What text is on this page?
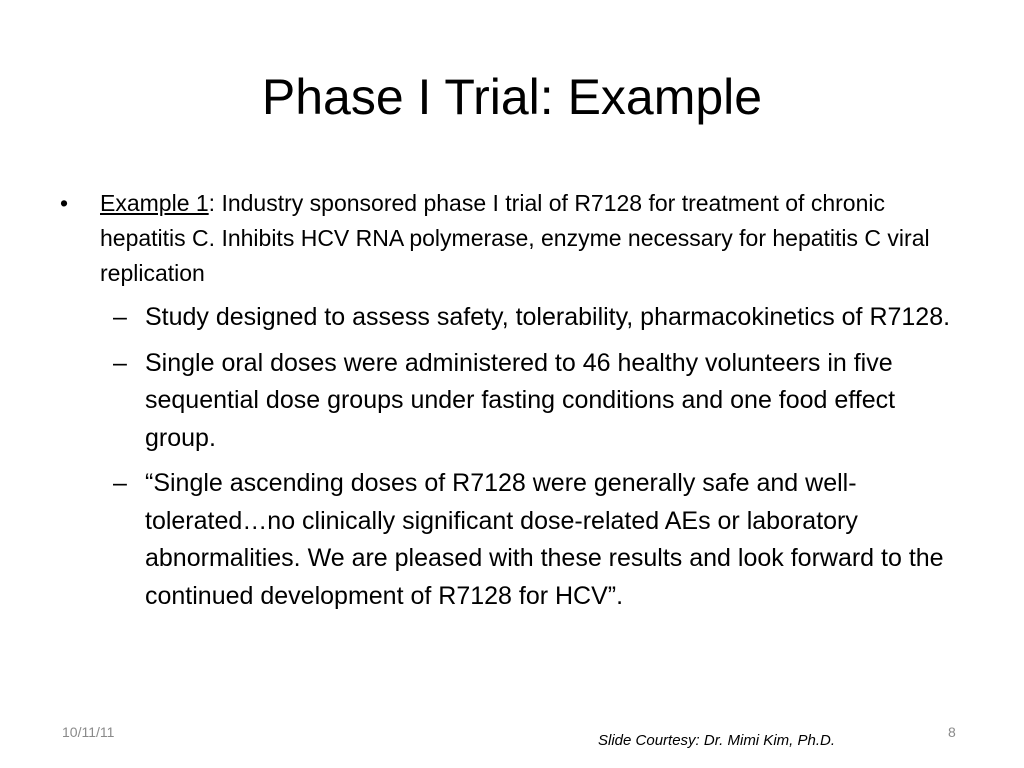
Phase I Trial: Example
•	Example 1: Industry sponsored phase I trial of R7128 for treatment of chronic hepatitis C. Inhibits HCV RNA polymerase, enzyme necessary for hepatitis C viral replication
– Study designed to assess safety, tolerability, pharmacokinetics of R7128.
– Single oral doses were administered to 46 healthy volunteers in five sequential dose groups under fasting conditions and one food effect group.
– “Single ascending doses of R7128 were generally safe and well-tolerated…no clinically significant dose-related AEs or laboratory abnormalities. We are pleased with these results and look forward to the continued development of R7128 for HCV”.
10/11/11	Slide Courtesy: Dr. Mimi Kim, Ph.D.	8
